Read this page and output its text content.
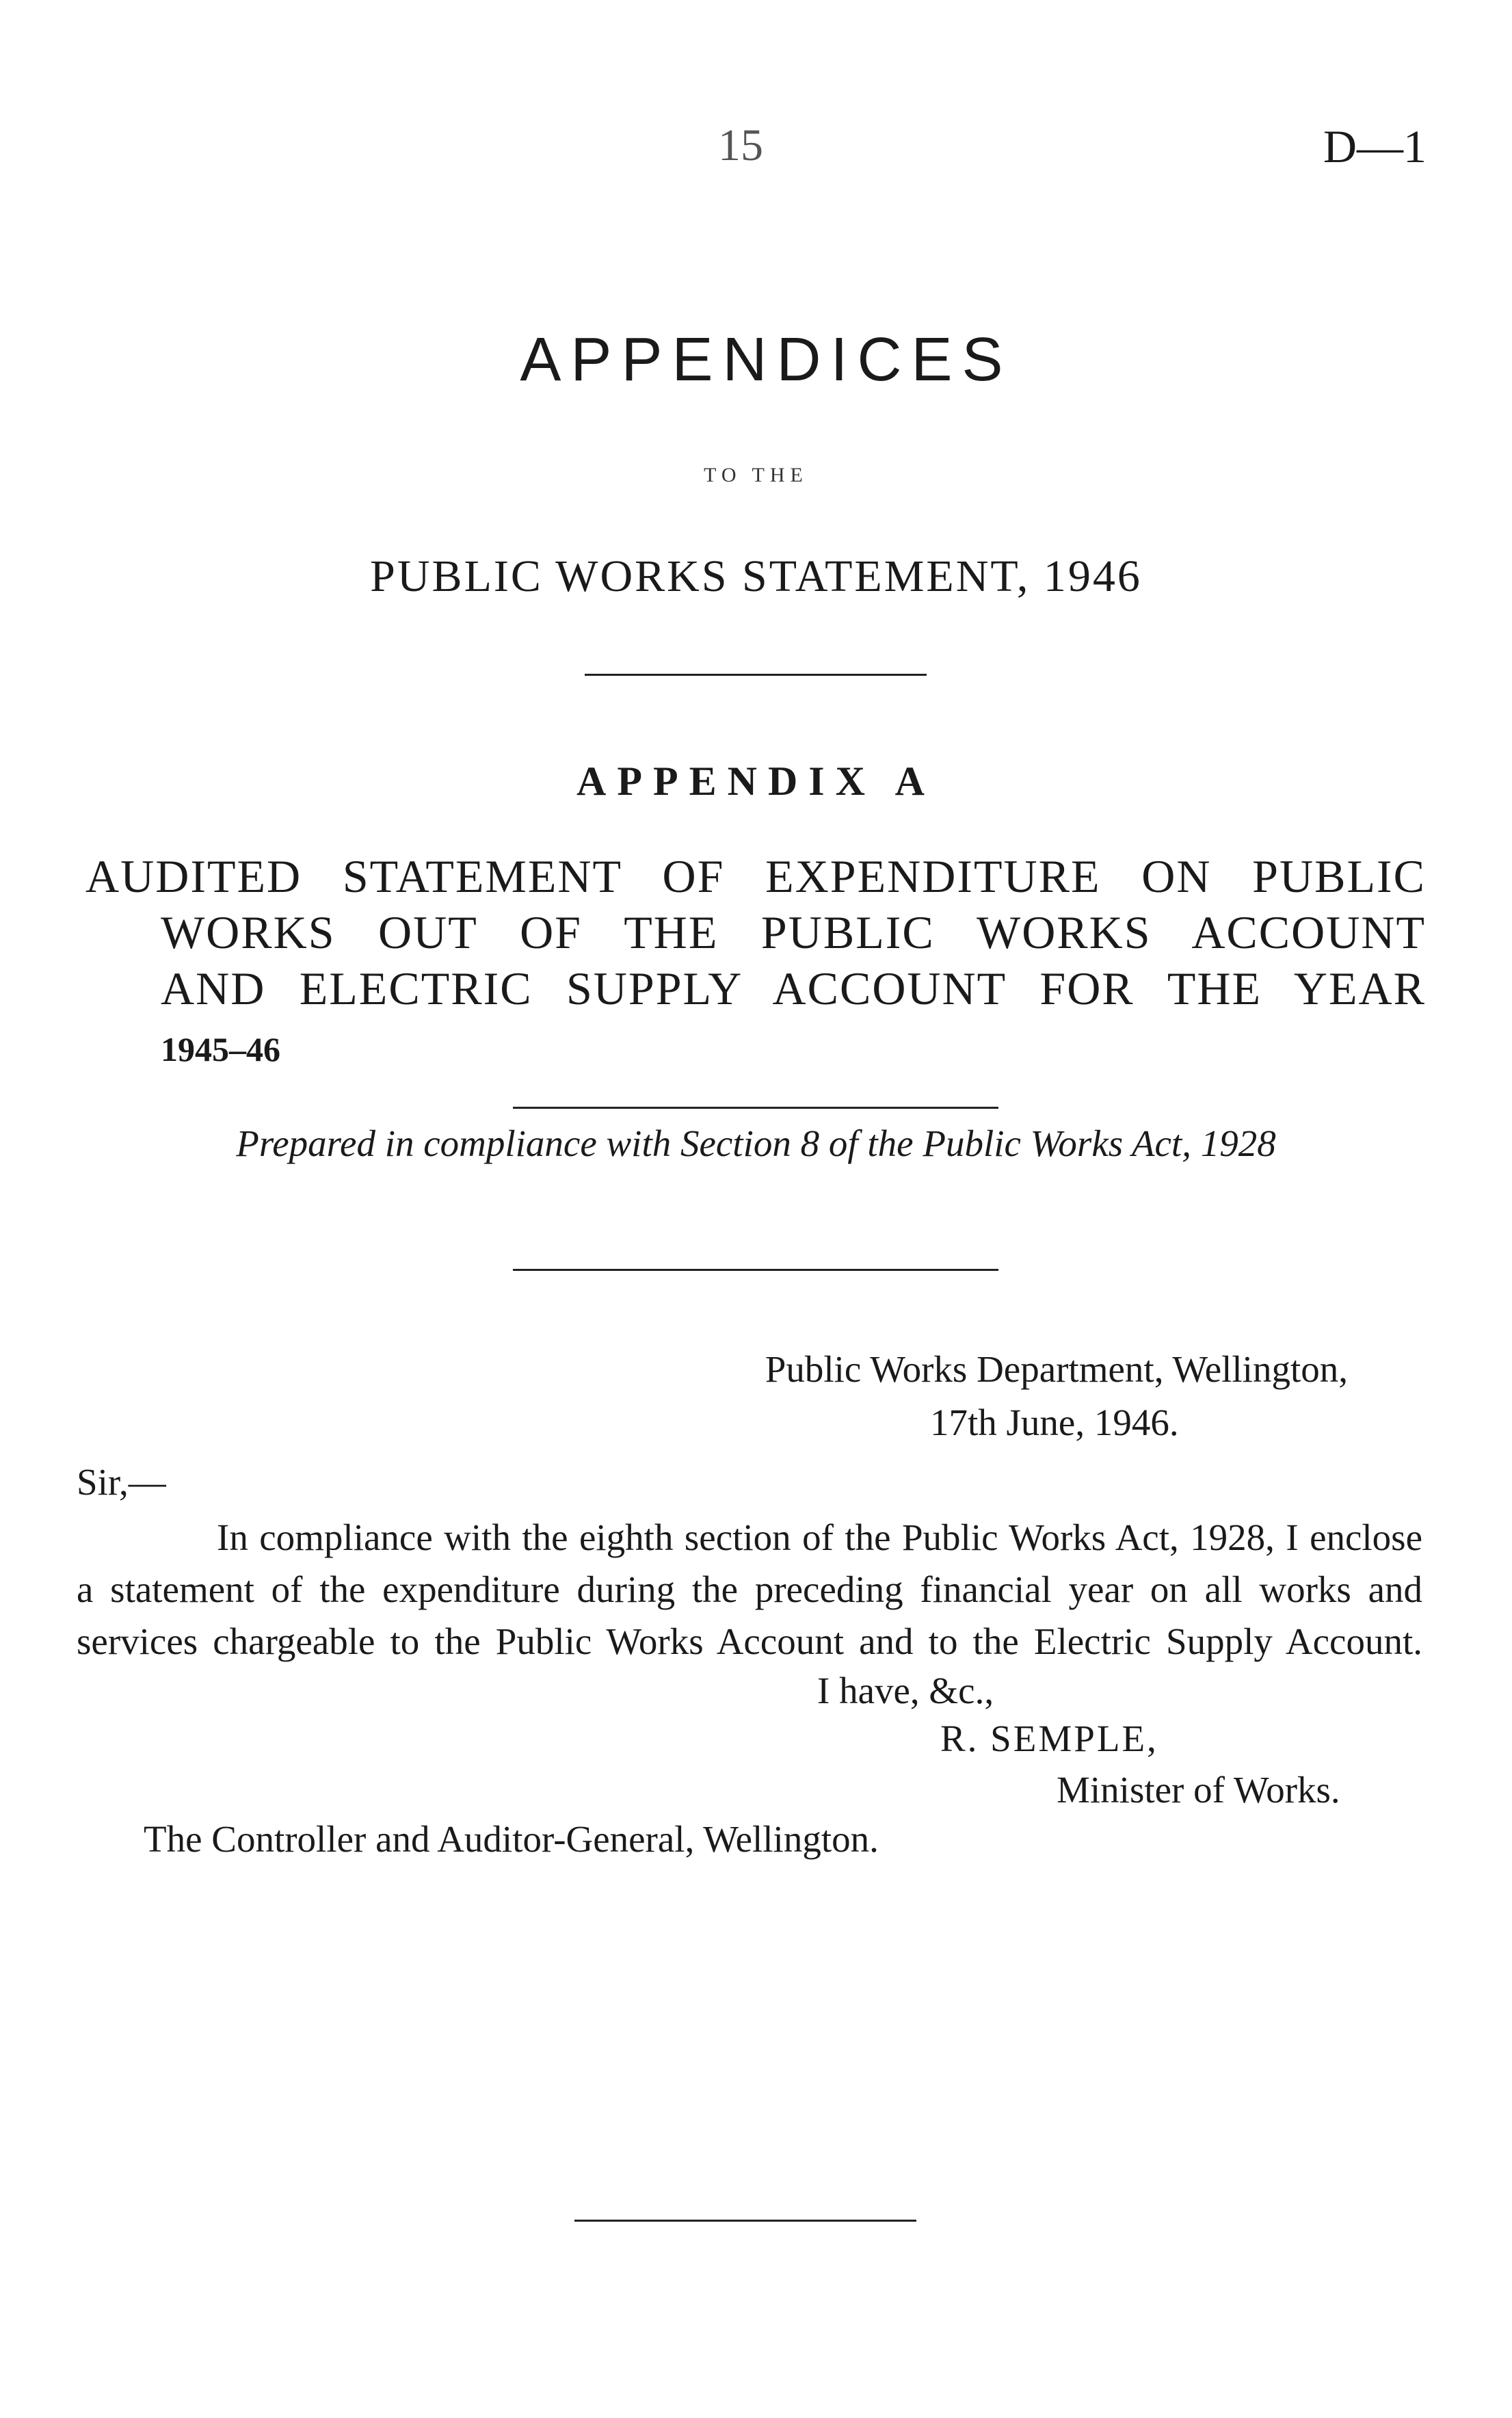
15	D—1
APPENDICES
TO THE
PUBLIC WORKS STATEMENT, 1946
APPENDIX A
AUDITED STATEMENT OF EXPENDITURE ON PUBLIC
WORKS OUT OF THE PUBLIC WORKS ACCOUNT
AND ELECTRIC SUPPLY ACCOUNT FOR THE YEAR
1945–46
Prepared in compliance with Section 8 of the Public Works Act, 1928
Public Works Department, Wellington,
17th June, 1946.
Sir,—
In compliance with the eighth section of the Public Works Act, 1928, I enclose
a statement of the expenditure during the preceding financial year on all works and
services chargeable to the Public Works Account and to the Electric Supply Account.
I have, &c.,
R. SEMPLE,
Minister of Works.
The Controller and Auditor-General, Wellington.
